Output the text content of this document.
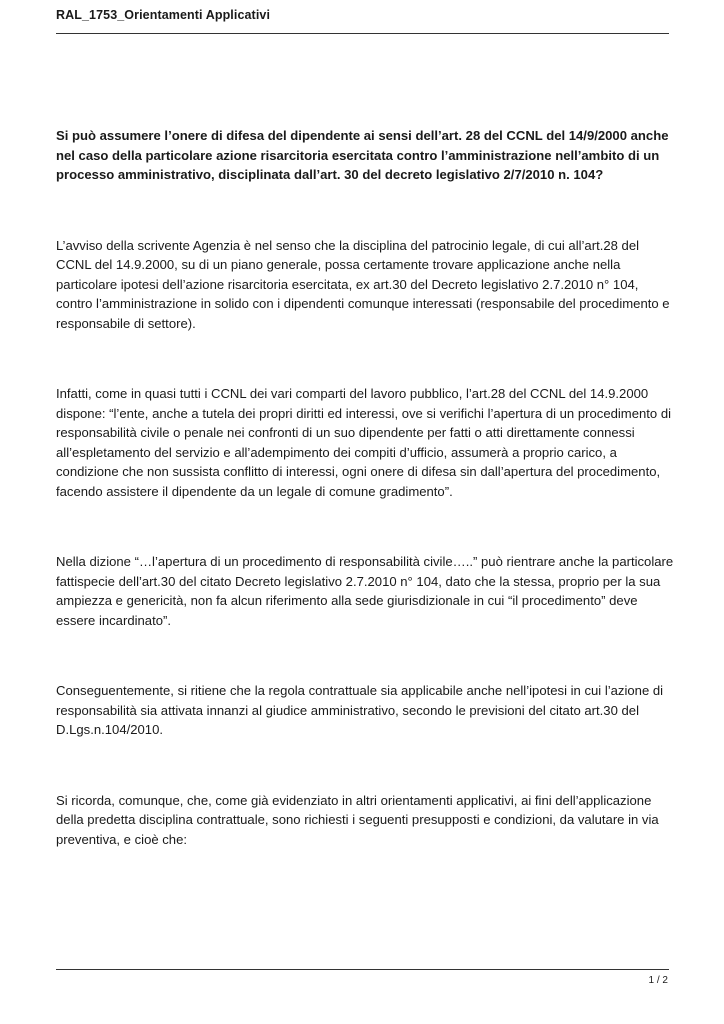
RAL_1753_Orientamenti Applicativi

Si può assumere l’onere di difesa del dipendente ai sensi dell’art. 28 del CCNL del 14/9/2000 anche nel caso della particolare azione risarcitoria esercitata contro l’amministrazione nell’ambito di un processo amministrativo, disciplinata dall’art. 30 del decreto legislativo 2/7/2010 n. 104?

L’avviso della scrivente Agenzia è nel senso che la disciplina del patrocinio legale, di cui all’art.28 del CCNL del 14.9.2000, su di un piano generale, possa certamente trovare applicazione anche nella particolare ipotesi dell’azione risarcitoria esercitata, ex art.30 del Decreto legislativo 2.7.2010 n° 104, contro l’amministrazione in solido con i dipendenti comunque interessati (responsabile del procedimento e responsabile di settore).

Infatti, come in quasi tutti i CCNL dei vari comparti del lavoro pubblico, l’art.28 del CCNL del 14.9.2000 dispone: “l’ente, anche a tutela dei propri diritti ed interessi, ove si verifichi l’apertura di un procedimento di responsabilità civile o penale nei confronti di un suo dipendente per fatti o atti direttamente connessi all’espletamento del servizio e all’adempimento dei compiti d’ufficio, assumerà a proprio carico, a condizione che non sussista conflitto di interessi, ogni onere di difesa sin dall’apertura del procedimento, facendo assistere il dipendente da un legale di comune gradimento”.

Nella dizione “…l’apertura di un procedimento di responsabilità civile…..” può rientrare anche la particolare fattispecie dell’art.30 del citato Decreto legislativo 2.7.2010 n° 104, dato che la stessa, proprio per la sua ampiezza e genericità, non fa alcun riferimento alla sede giurisdizionale in cui “il procedimento” deve essere incardinato”.

Conseguentemente, si ritiene che la regola contrattuale sia applicabile anche nell’ipotesi in cui l’azione di responsabilità sia attivata innanzi al giudice amministrativo, secondo le previsioni del citato art.30 del D.Lgs.n.104/2010.

Si ricorda, comunque, che, come già evidenziato in altri orientamenti applicativi, ai fini dell’applicazione della predetta disciplina contrattuale, sono richiesti i seguenti presupposti e condizioni, da valutare in via preventiva, e cioè che:

1 / 2
